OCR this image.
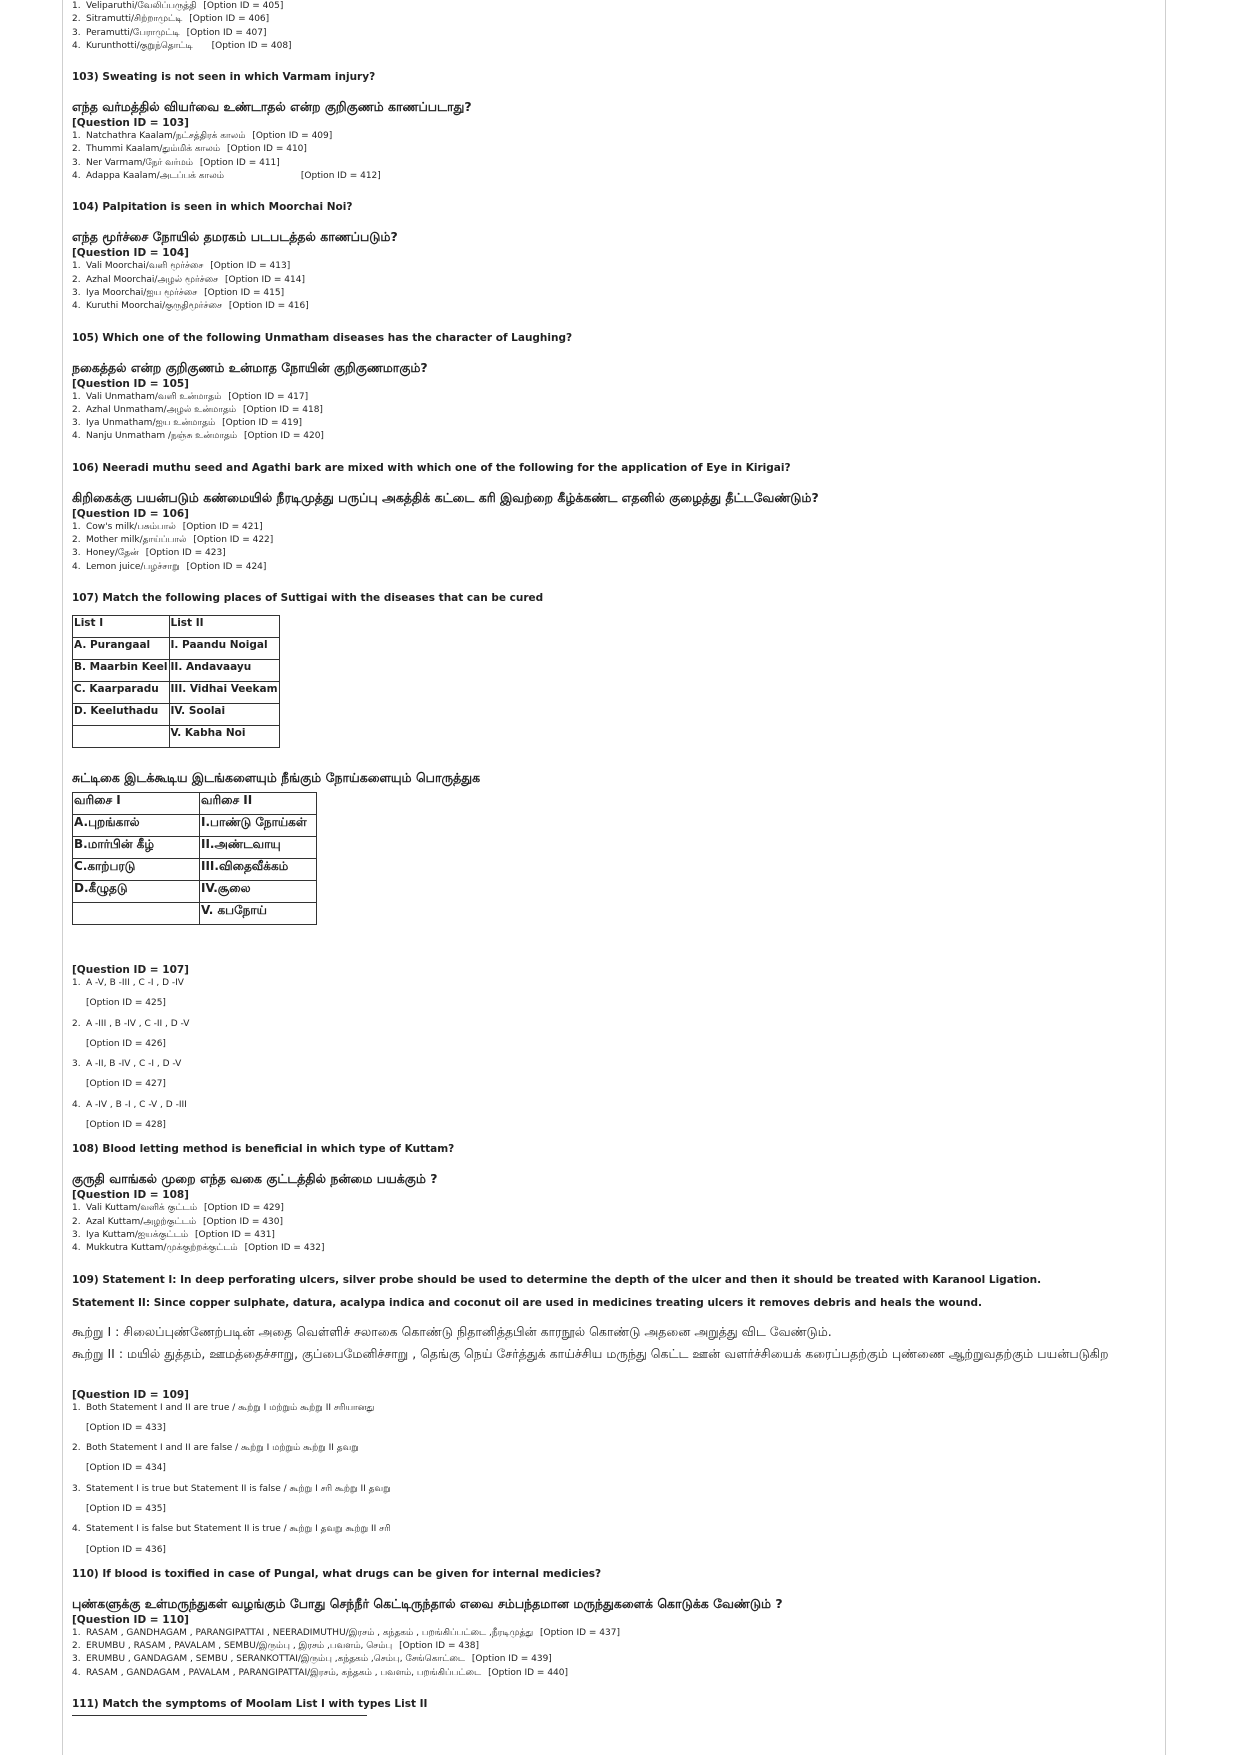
1. Veliparuthi/வேலிப்பருத்தி [Option ID = 405]
2. Sitramutti/சிற்றாமுட்டி [Option ID = 406]
3. Peramutti/பேராமுட்டி [Option ID = 407]
4. Kurunthotti/குறுந்தொட்டி [Option ID = 408]
103) Sweating is not seen in which Varmam injury?
எந்த வர்மத்தில் வியர்வை உண்டாதல் என்ற குறிகுணம் காணப்படாது?
[Question ID = 103]
1. Natchathra Kaalam/நட்சத்திரக் காலம் [Option ID = 409]
2. Thummi Kaalam/தும்மிக் காலம் [Option ID = 410]
3. Ner Varmam/நேர் வர்மம் [Option ID = 411]
4. Adappa Kaalam/அடப்பக் காலம்	[Option ID = 412]
104) Palpitation is seen in which Moorchai Noi?
எந்த மூர்ச்சை நோயில் தமரகம் படபடத்தல் காணப்படும்?
[Question ID = 104]
1. Vali Moorchai/வளி மூர்ச்சை [Option ID = 413]
2. Azhal Moorchai/அழல் மூர்ச்சை [Option ID = 414]
3. Iya Moorchai/ஐய மூர்ச்சை [Option ID = 415]
4. Kuruthi Moorchai/குருதிமூர்ச்சை [Option ID = 416]
105) Which one of the following Unmatham diseases has the character of Laughing?
நகைத்தல் என்ற குறிகுணம் உன்மாத நோயின் குறிகுணமாகும்?
[Question ID = 105]
1. Vali Unmatham/வளி உன்மாதம் [Option ID = 417]
2. Azhal Unmatham/அழல் உன்மாதம் [Option ID = 418]
3. Iya Unmatham/ஐய உன்மாதம் [Option ID = 419]
4. Nanju Unmatham /நஞ்சு உன்மாதம் [Option ID = 420]
106) Neeradi muthu seed and Agathi bark are mixed with which one of the following for the application of Eye in Kirigai?
கிறிகைக்கு பயன்படும் கண்மையில் நீரடிமுத்து பருப்பு அகத்திக் கட்டை கரி இவற்றை கீழ்க்கண்ட எதனில் குழைத்து தீட்டவேண்டும்?
[Question ID = 106]
1. Cow's milk/பசும்பால் [Option ID = 421]
2. Mother milk/தாய்ப்பால் [Option ID = 422]
3. Honey/தேன் [Option ID = 423]
4. Lemon juice/பழச்சாறு [Option ID = 424]
107) Match the following places of Suttigai with the diseases that can be cured
List I	List II
A. Purangaal	I. Paandu Noigal
B. Maarbin Keel	II. Andavaayu
C. Kaarparadu	III. Vidhai Veekam
D. Keeluthadu	IV. Soolai
	V. Kabha Noi
சுட்டிகை இடக்கூடிய இடங்களையும் நீங்கும் நோய்களையும் பொருத்துக
வரிசை I	வரிசை II
A.புறங்கால்	I.பாண்டு நோய்கள்
B.மார்பின் கீழ்	II.அண்டவாயு
C.காற்பரடு	III.விதைவீக்கம்
D.கீழுதடு	IV.சூலை
	V. கபநோய்
[Question ID = 107]
1. A -V, B -III , C -I , D -IV
[Option ID = 425]
2. A -III , B -IV , C -II , D -V
[Option ID = 426]
3. A -II, B -IV , C -I , D -V
[Option ID = 427]
4. A -IV , B -I , C -V , D -III
[Option ID = 428]
108) Blood letting method is beneficial in which type of Kuttam?
குருதி வாங்கல் முறை எந்த வகை குட்டத்தில் நன்மை பயக்கும் ?
[Question ID = 108]
1. Vali Kuttam/வளிக் குட்டம் [Option ID = 429]
2. Azal Kuttam/அழற்குட்டம் [Option ID = 430]
3. Iya Kuttam/ஐயக்குட்டம் [Option ID = 431]
4. Mukkutra Kuttam/முக்குற்றக்குட்டம் [Option ID = 432]
109) Statement I: In deep perforating ulcers, silver probe should be used to determine the depth of the ulcer and then it should be treated with Karanool Ligation.
Statement II: Since copper sulphate, datura, acalypa indica and coconut oil are used in medicines treating ulcers it removes debris and heals the wound.
கூற்று I : சிலைப்புண்ணேற்படின் அதை வெள்ளிச் சலாகை கொண்டு நிதானித்தபின் காரநூல் கொண்டு அதனை அறுத்து விட வேண்டும்.
கூற்று II : மயில் துத்தம், ஊமத்தைச்சாறு, குப்பைமேனிச்சாறு , தெங்கு நெய் சேர்த்துக் காய்ச்சிய மருந்து கெட்ட ஊன் வளர்ச்சியைக் கரைப்பதற்கும் புண்ணை ஆற்றுவதற்கும் பயன்படுகிற
[Question ID = 109]
1. Both Statement I and II are true / கூற்று I மற்றும் கூற்று II சரியானது
[Option ID = 433]
2. Both Statement I and II are false / கூற்று I மற்றும் கூற்று II தவறு
[Option ID = 434]
3. Statement I is true but Statement II is false / கூற்று I சரி கூற்று II தவறு
[Option ID = 435]
4. Statement I is false but Statement II is true / கூற்று I தவறு கூற்று II சரி
[Option ID = 436]
110) If blood is toxified in case of Pungal, what drugs can be given for internal medicies?
புண்களுக்கு உள்மருந்துகள் வழங்கும் போது செந்நீர் கெட்டிருந்தால் எவை சம்பந்தமான மருந்துகளைக் கொடுக்க வேண்டும் ?
[Question ID = 110]
1. RASAM , GANDHAGAM , PARANGIPATTAI , NEERADIMUTHU/இரசம் , கந்தகம் , பறங்கிப்பட்டை ,நீரடிமுத்து [Option ID = 437]
2. ERUMBU , RASAM , PAVALAM , SEMBU/இரும்பு , இரசம் ,பவளம், செம்பு [Option ID = 438]
3. ERUMBU , GANDAGAM , SEMBU , SERANKOTTAI/இரும்பு ,கந்தகம் ,செம்பு, சேங்கொட்டை [Option ID = 439]
4. RASAM , GANDAGAM , PAVALAM , PARANGIPATTAI/இரசம், கந்தகம் , பவளம், பறங்கிப்பட்டை [Option ID = 440]
111) Match the symptoms of Moolam List I with types List II
